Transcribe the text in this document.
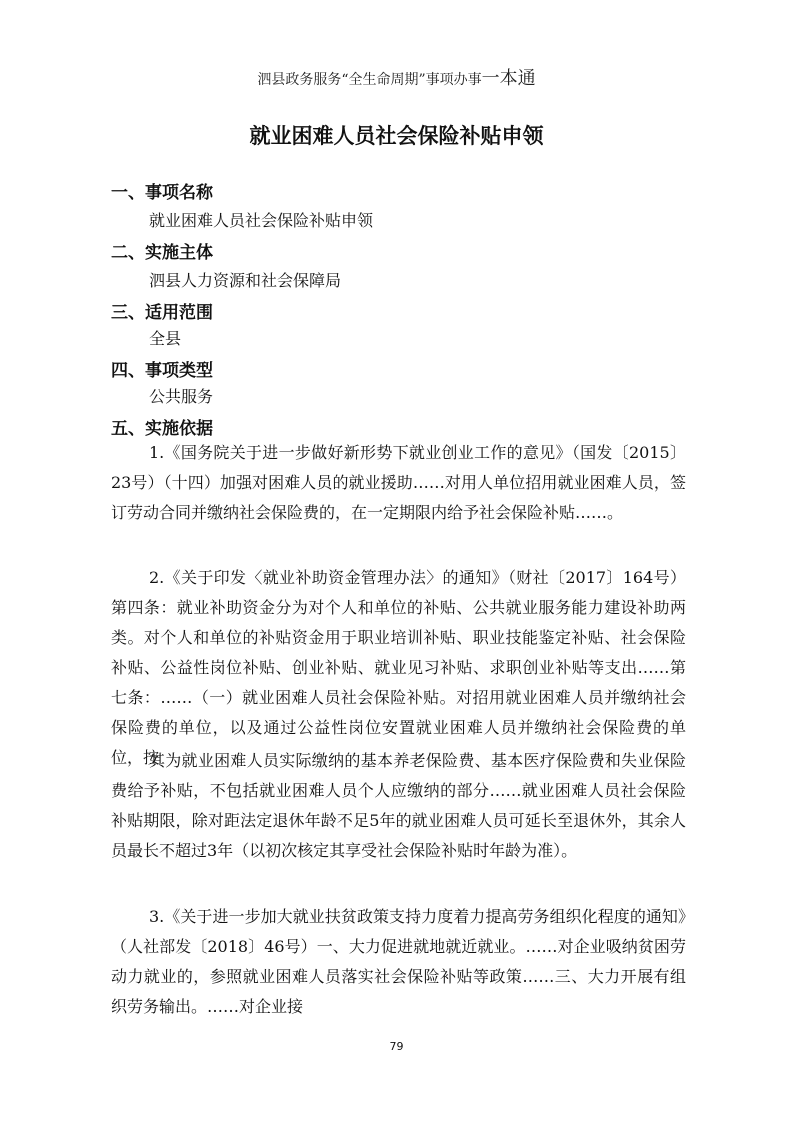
泗县政务服务“全生命周期”事项办事一本通
就业困难人员社会保险补贴申领
一、事项名称
就业困难人员社会保险补贴申领
二、实施主体
泗县人力资源和社会保障局
三、适用范围
全县
四、事项类型
公共服务
五、实施依据
1.《国务院关于进一步做好新形势下就业创业工作的意见》（国发〔2015〕23号）（十四）加强对困难人员的就业援助……对用人单位招用就业困难人员，签订劳动合同并缴纳社会保险费的，在一定期限内给予社会保险补贴……。
2.《关于印发〈就业补助资金管理办法〉的通知》（财社〔2017〕164号）第四条：就业补助资金分为对个人和单位的补贴、公共就业服务能力建设补助两类。对个人和单位的补贴资金用于职业培训补贴、职业技能鉴定补贴、社会保险补贴、公益性岗位补贴、创业补贴、就业见习补贴、求职创业补贴等支出……第七条：……（一）就业困难人员社会保险补贴。对招用就业困难人员并缴纳社会保险费的单位，以及通过公益性岗位安置就业困难人员并缴纳社会保险费的单位，按
其为就业困难人员实际缴纳的基本养老保险费、基本医疗保险费和失业保险费给予补贴，不包括就业困难人员个人应缴纳的部分……就业困难人员社会保险补贴期限，除对距法定退休年龄不足5年的就业困难人员可延长至退休外，其余人员最长不超过3年（以初次核定其享受社会保险补贴时年龄为准）。
3.《关于进一步加大就业扶贫政策支持力度着力提高劳务组织化程度的通知》（人社部发〔2018〕46号）一、大力促进就地就近就业。……对企业吸纳贫困劳动力就业的，参照就业困难人员落实社会保险补贴等政策……三、大力开展有组织劳务输出。……对企业接
79
